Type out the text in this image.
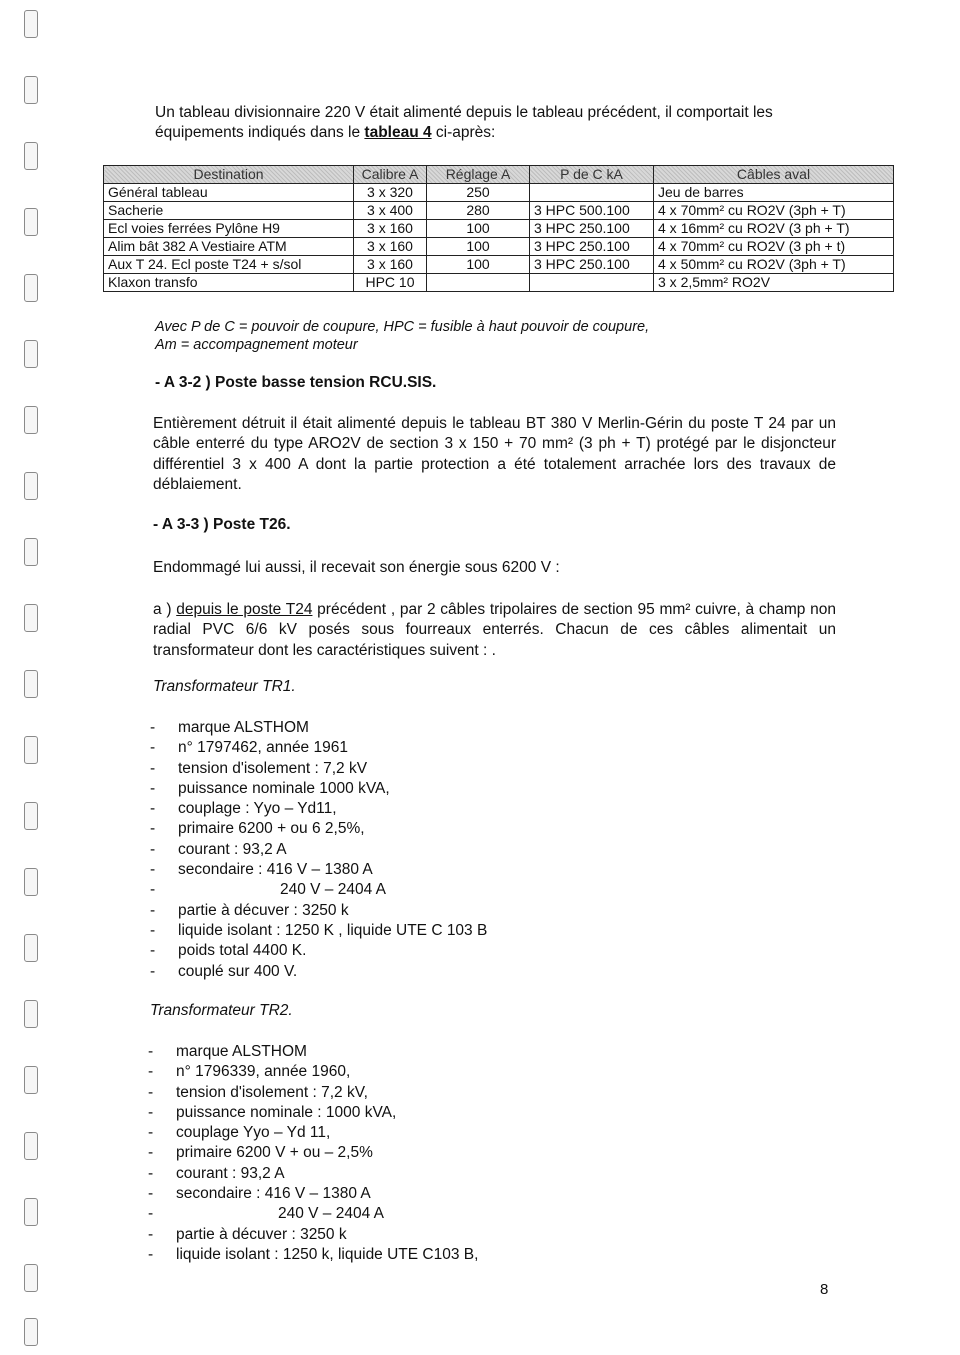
Un tableau divisionnaire 220 V était alimenté depuis le tableau précédent, il comportait les équipements indiqués dans le tableau 4 ci-après:
Destination	Calibre A	Réglage A	P de C kA	Câbles aval
Général tableau	3 x 320	250		Jeu de barres
Sacherie	3 x 400	280	3 HPC 500.100	4 x 70mm² cu RO2V (3ph + T)
Ecl voies ferrées Pylône H9	3 x 160	100	3 HPC 250.100	4 x 16mm² cu RO2V (3 ph + T)
Alim bât 382 A Vestiaire ATM	3 x 160	100	3 HPC 250.100	4 x 70mm² cu RO2V (3 ph + t)
Aux T 24. Ecl poste T24 + s/sol	3 x 160	100	3 HPC 250.100	4 x 50mm² cu RO2V (3ph + T)
Klaxon transfo	HPC 10			3 x 2,5mm² RO2V
Avec P de C = pouvoir de coupure, HPC = fusible à haut pouvoir de coupure,
Am = accompagnement moteur
- A 3-2 ) Poste basse tension RCU.SIS.
Entièrement détruit il était alimenté depuis le tableau BT 380 V Merlin-Gérin du poste T 24 par un câble enterré du type ARO2V de section 3 x 150 + 70 mm² (3 ph + T) protégé par le disjoncteur différentiel 3 x 400 A dont la partie protection a été totalement arrachée lors des travaux de déblaiement.
- A 3-3 ) Poste T26.
Endommagé lui aussi, il recevait son énergie sous 6200 V :
a ) depuis le poste T24 précédent , par 2 câbles tripolaires de section 95 mm² cuivre, à champ non radial PVC 6/6 kV posés sous fourreaux enterrés. Chacun de ces câbles alimentait un transformateur dont les caractéristiques suivent : .
Transformateur TR1.
- marque ALSTHOM
- n° 1797462, année 1961
- tension d'isolement : 7,2 kV
- puissance nominale 1000 kVA,
- couplage : Yyo – Yd11,
- primaire 6200 + ou 6 2,5%,
- courant : 93,2 A
- secondaire : 416 V – 1380 A
-	240 V – 2404 A
- partie à décuver : 3250 k
- liquide isolant : 1250 K , liquide UTE C 103 B
- poids total 4400 K.
- couplé sur 400 V.
Transformateur TR2.
- marque ALSTHOM
- n° 1796339, année 1960,
- tension d'isolement : 7,2 kV,
- puissance nominale : 1000 kVA,
- couplage Yyo – Yd 11,
- primaire 6200 V + ou – 2,5%
- courant : 93,2 A
- secondaire : 416 V – 1380 A
-	240 V – 2404 A
- partie à décuver : 3250 k
- liquide isolant : 1250 k, liquide UTE C103 B,
8
